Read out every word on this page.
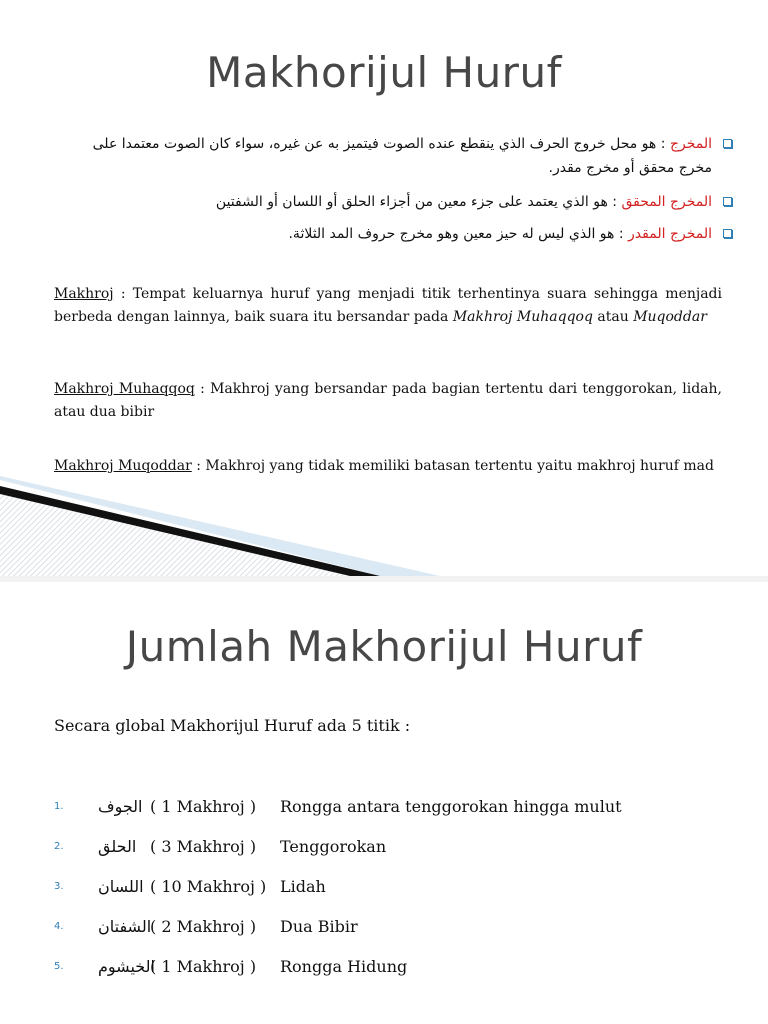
Makhorijul Huruf
المخرج : هو محل خروج الحرف الذي ينقطع عنده الصوت فيتميز به عن غيره، سواء كان الصوت معتمدا على مخرج محقق أو مخرج مقدر.
المخرج المحقق : هو الذي يعتمد على جزء معين من أجزاء الحلق أو اللسان أو الشفتين
المخرج المقدر : هو الذي ليس له حيز معين وهو مخرج حروف المد الثلاثة.
Makhroj : Tempat keluarnya huruf yang menjadi titik terhentinya suara sehingga menjadi berbeda dengan lainnya, baik suara itu bersandar pada Makhroj Muhaqqoq atau Muqoddar
Makhroj Muhaqqoq : Makhroj yang bersandar pada bagian tertentu dari tenggorokan, lidah, atau dua bibir
Makhroj Muqoddar : Makhroj yang tidak memiliki batasan tertentu yaitu makhroj huruf mad
Jumlah Makhorijul Huruf
Secara global Makhorijul Huruf ada 5 titik :
1. الجوف ( 1 Makhroj ) Rongga antara tenggorokan hingga mulut
2. الحلق ( 3 Makhroj ) Tenggorokan
3. اللسان ( 10 Makhroj ) Lidah
4. الشفتان
( 2 Makhroj ) Dua Bibir
5. الخيشوم
( 1 Makhroj ) Rongga Hidung
